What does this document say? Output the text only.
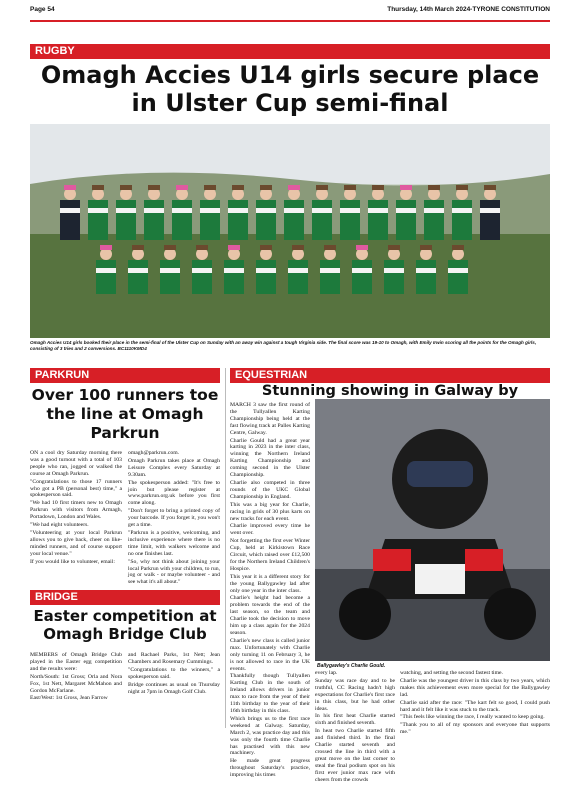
Page 54	Thursday, 14th March 2024-TYRONE CONSTITUTION
RUGBY
Omagh Accies U14 girls secure place in Ulster Cup semi-final
Omagh Accies U14 girls booked their place in the semi-final of the Ulster Cup on Sunday with an away win against a tough Virginia side. The final score was 19-10 to Omagh, with Emily Irwin scoring all the points for the Omagh girls, consisting of 3 tries and 2 conversions. BC1110KMD4
PARKRUN
Over 100 runners toe the line at Omagh Parkrun

ON a cool dry Saturday morning there was a good turnout with a total of 103 people who ran, jogged or walked the course at Omagh Parkrun.

"Congratulations to those 17 runners who got a PB (personal best) time," a spokesperson said.

"We had 10 first timers new to Omagh Parkrun with visitors from Armagh, Portadown, London and Wales.

"We had eight volunteers.

"Volunteering at your local Parkrun allows you to give back, cheer on like-minded runners, and of course support your local venue."

If you would like to volunteer, email:

omagh@parkrun.com.

Omagh Parkrun takes place at Omagh Leisure Complex every Saturday at 9.30am.

The spokesperson added: "It's free to join but please register at www.parkrun.org.uk before you first come along.

"Don't forget to bring a printed copy of your barcode. If you forget it, you won't get a time.

"Parkrun is a positive, welcoming, and inclusive experience where there is no time limit, with walkers welcome and no one finishes last.

"So, why not think about joining your local Parkrun with your children, to run, jog or walk - or maybe volunteer - and see what it's all about."

BRIDGE
Easter competition at Omagh Bridge Club

MEMBERS of Omagh Bridge Club played in the Easter egg competition and the results were:

North/South: 1st Gross; Orla and Nora Fox, 1st Nett, Margaret McMahon and Gordon McFarlane.

East/West: 1st Gross, Jean Farrow

and Rachael Parks, 1st Nett; Jean Chambers and Rosemary Cummings.

"Congratulations to the winners," a spokesperson said.

Bridge continues as usual on Thursday night at 7pm in Omagh Golf Club.

EQUESTRIAN
Stunning showing in Galway by

MARCH 3 saw the first round of the Tullyallen Karting Championship being held at the fast flowing track at Palles Karting Centre, Galway.

Charlie Gould had a great year karting in 2023 in the inter class, winning the Northern Ireland Karting Championship and coming second in the Ulster Championship.

Charlie also competed in three rounds of the UKC Global Championship in England.

This was a big year for Charlie, racing in grids of 30 plus karts on new tracks for each event.

Charlie improved every time he went over.

Not forgetting the first ever Winter Cup, held at Kirkistown Race Circuit, which raised over £12,500 for the Northern Ireland Children's Hospice.

This year it is a different story for the young Ballygawley lad after only one year in the inter class.

Charlie's height had become a problem towards the end of the last season, so the team and Charlie took the decision to move him up a class again for the 2024 season.

Charlie's new class is called junior max. Unfortunately with Charlie only turning 11 on February 3, he is not allowed to race in the UK events.

Thankfully though Tullyallen Karting Club in the south of Ireland allows drivers in junior max to race from the year of their 11th birthday to the year of their 16th birthday in this class.

Which brings us to the first race weekend at Galway. Saturday, March 2, was practice day and this was only the fourth time Charlie has practised with this new machinery.

He made great progress throughout Saturday's practice, improving his times

every lap.

Sunday was race day and to be truthful, CC Racing hadn't high expectations for Charlie's first race in this class, but he had other ideas.

In his first heat Charlie started sixth and finished seventh.

In heat two Charlie started fifth and finished third. In the final Charlie started seventh and crossed the line in third with a great move on the last corner to steal the final podium spot on his first ever junior max race with cheers from the crowds

watching, and setting the second fastest time.

Charlie was the youngest driver in this class by two years, which makes this achievement even more special for the Ballygawley lad.

Charlie said after the race: "The kart felt so good, I could push hard and it felt like it was stuck to the track.

"This feels like winning the race, I really wanted to keep going.

"Thank you to all of my sponsors and everyone that supports me."

Ballygawley's Charlie Gould.
